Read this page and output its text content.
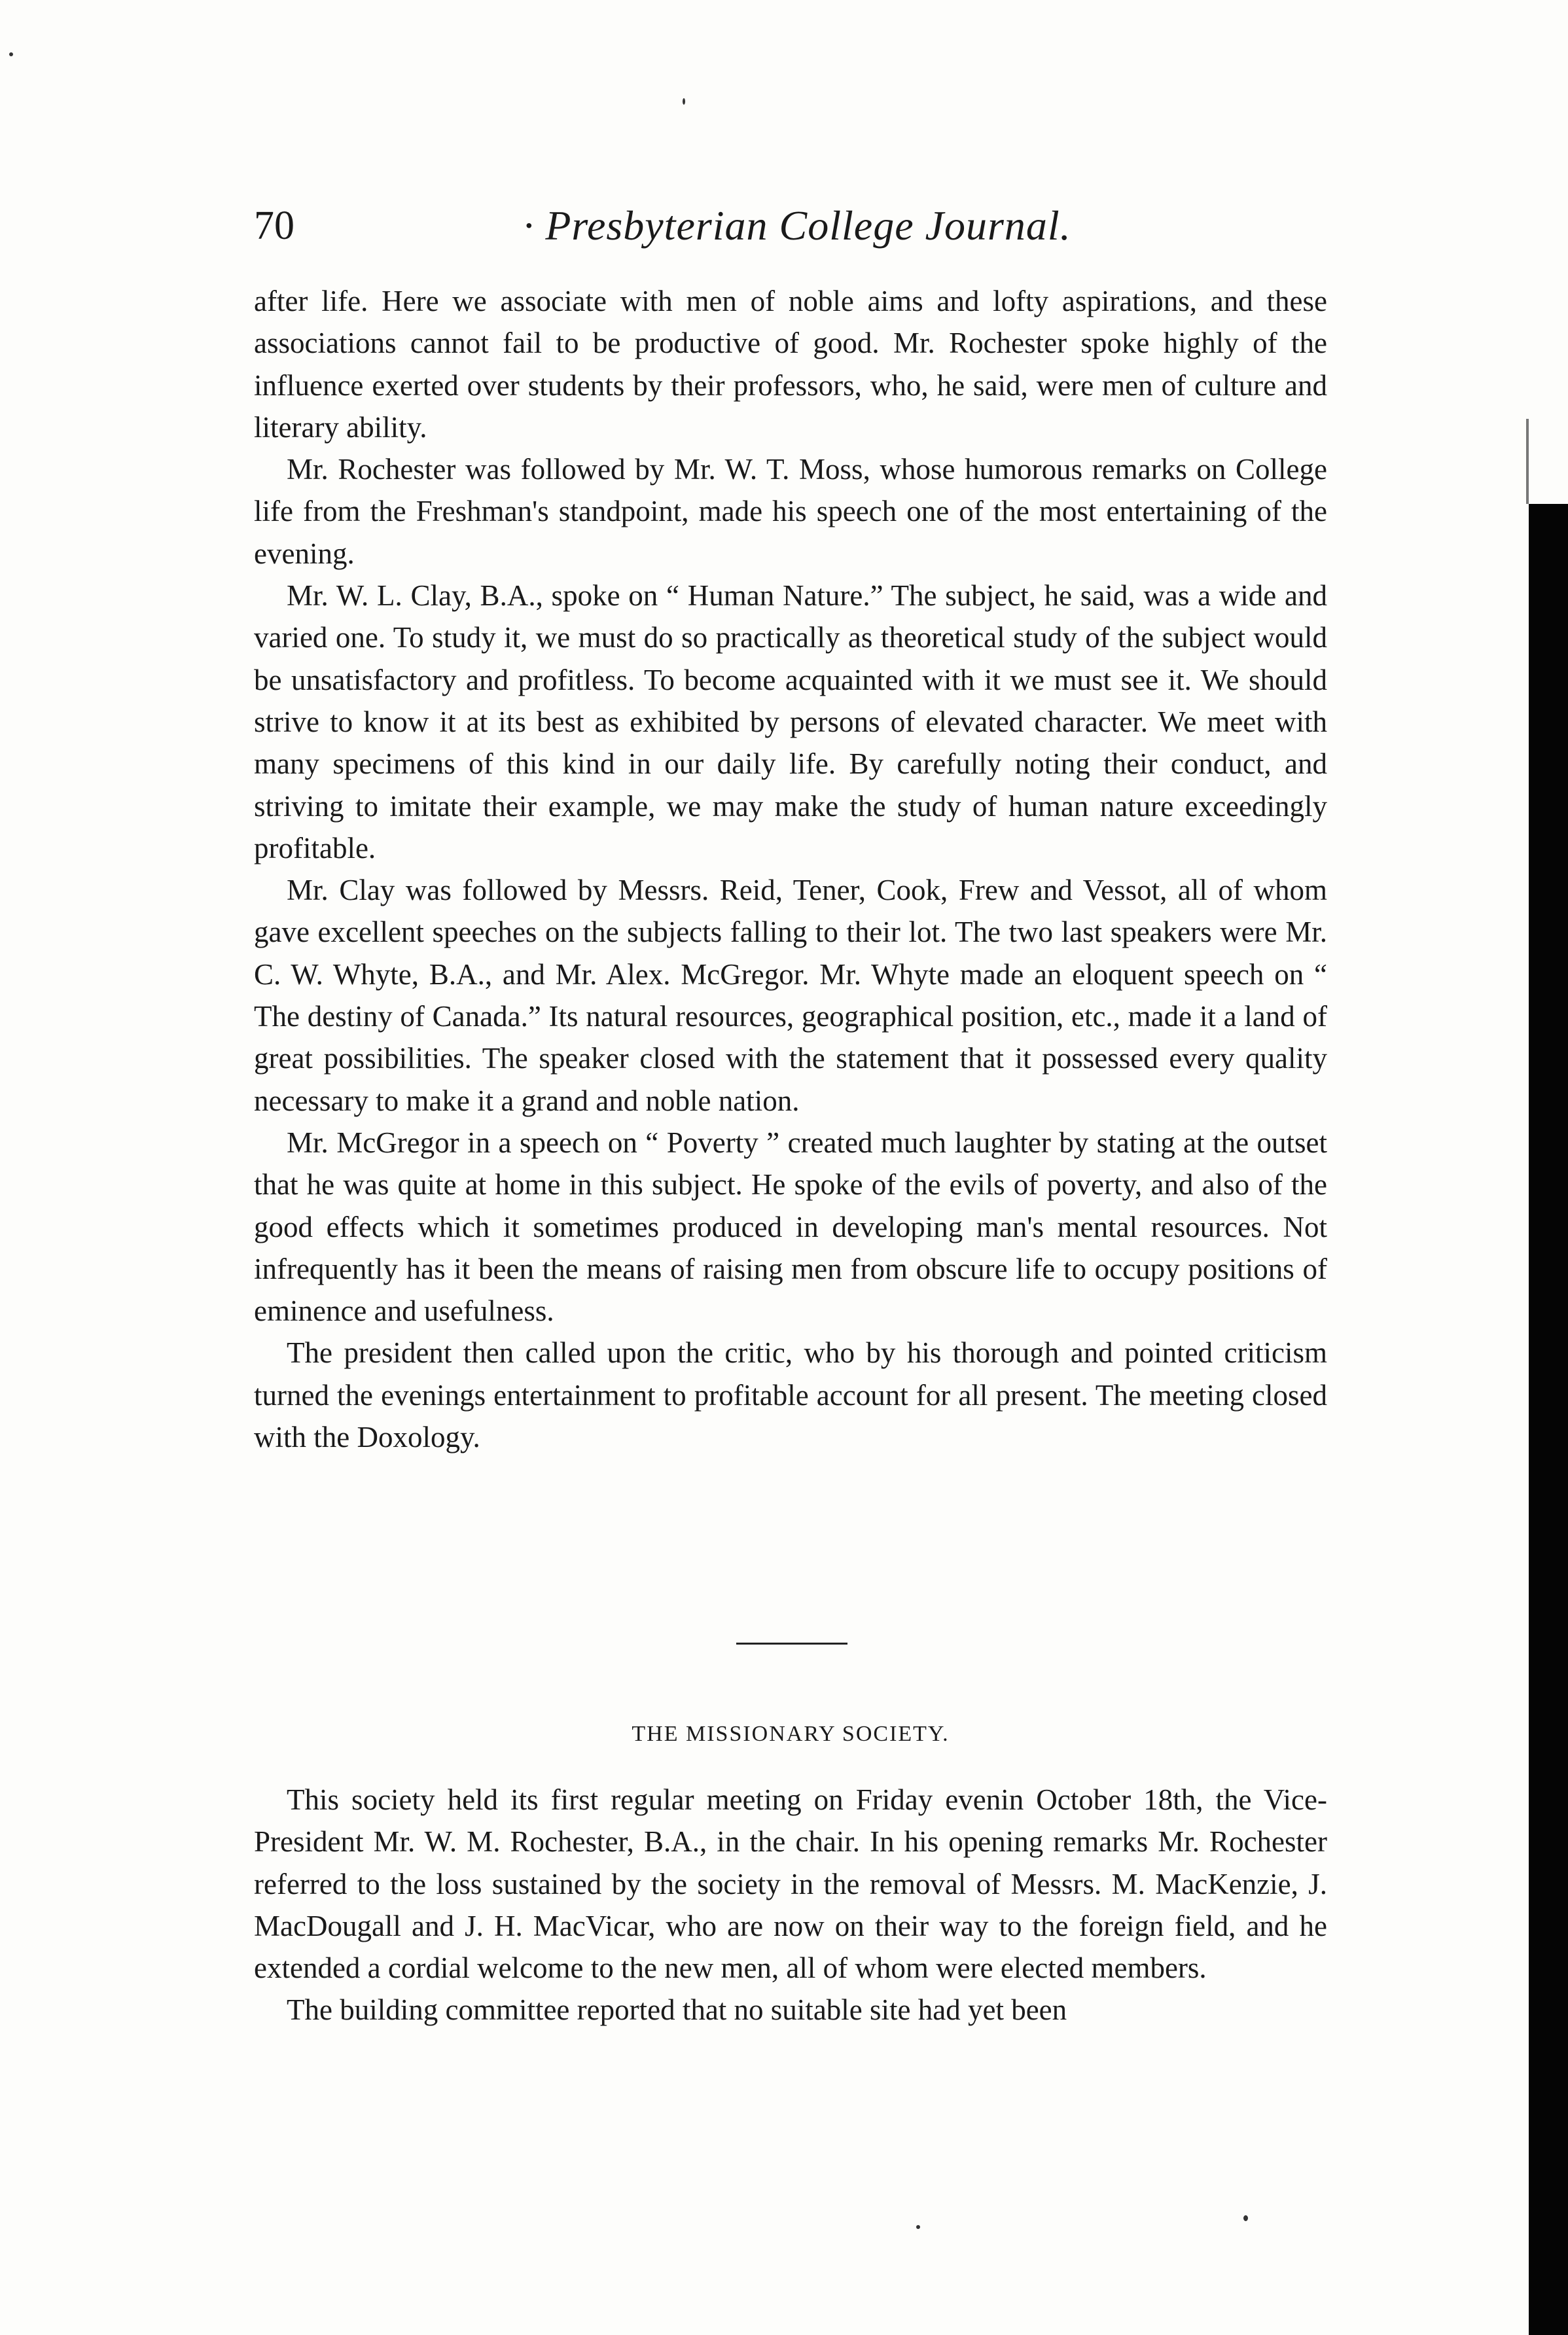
70	· Presbyterian College Journal.

after life. Here we associate with men of noble aims and lofty aspirations, and these associations cannot fail to be productive of good. Mr. Rochester spoke highly of the influence exerted over students by their professors, who, he said, were men of culture and literary ability.

Mr. Rochester was followed by Mr. W. T. Moss, whose humorous remarks on College life from the Freshman's standpoint, made his speech one of the most entertaining of the evening.

Mr. W. L. Clay, B.A., spoke on “ Human Nature.” The subject, he said, was a wide and varied one. To study it, we must do so practically as theoretical study of the subject would be unsatisfactory and profitless. To become acquainted with it we must see it. We should strive to know it at its best as exhibited by persons of elevated character. We meet with many specimens of this kind in our daily life. By carefully noting their conduct, and striving to imitate their example, we may make the study of human nature exceedingly profitable.

Mr. Clay was followed by Messrs. Reid, Tener, Cook, Frew and Vessot, all of whom gave excellent speeches on the subjects falling to their lot. The two last speakers were Mr. C. W. Whyte, B.A., and Mr. Alex. McGregor. Mr. Whyte made an eloquent speech on “ The destiny of Canada.” Its natural resources, geographical position, etc., made it a land of great possibilities. The speaker closed with the statement that it possessed every quality necessary to make it a grand and noble nation.

Mr. McGregor in a speech on “ Poverty ” created much laughter by stating at the outset that he was quite at home in this subject. He spoke of the evils of poverty, and also of the good effects which it sometimes produced in developing man's mental resources. Not infrequently has it been the means of raising men from obscure life to occupy positions of eminence and usefulness.

The president then called upon the critic, who by his thorough and pointed criticism turned the evenings entertainment to profitable account for all present. The meeting closed with the Doxology.

THE MISSIONARY SOCIETY.

This society held its first regular meeting on Friday evenin October 18th, the Vice-President Mr. W. M. Rochester, B.A., in the chair. In his opening remarks Mr. Rochester referred to the loss sustained by the society in the removal of Messrs. M. MacKenzie, J. MacDougall and J. H. MacVicar, who are now on their way to the foreign field, and he extended a cordial welcome to the new men, all of whom were elected members.

The building committee reported that no suitable site had yet been
